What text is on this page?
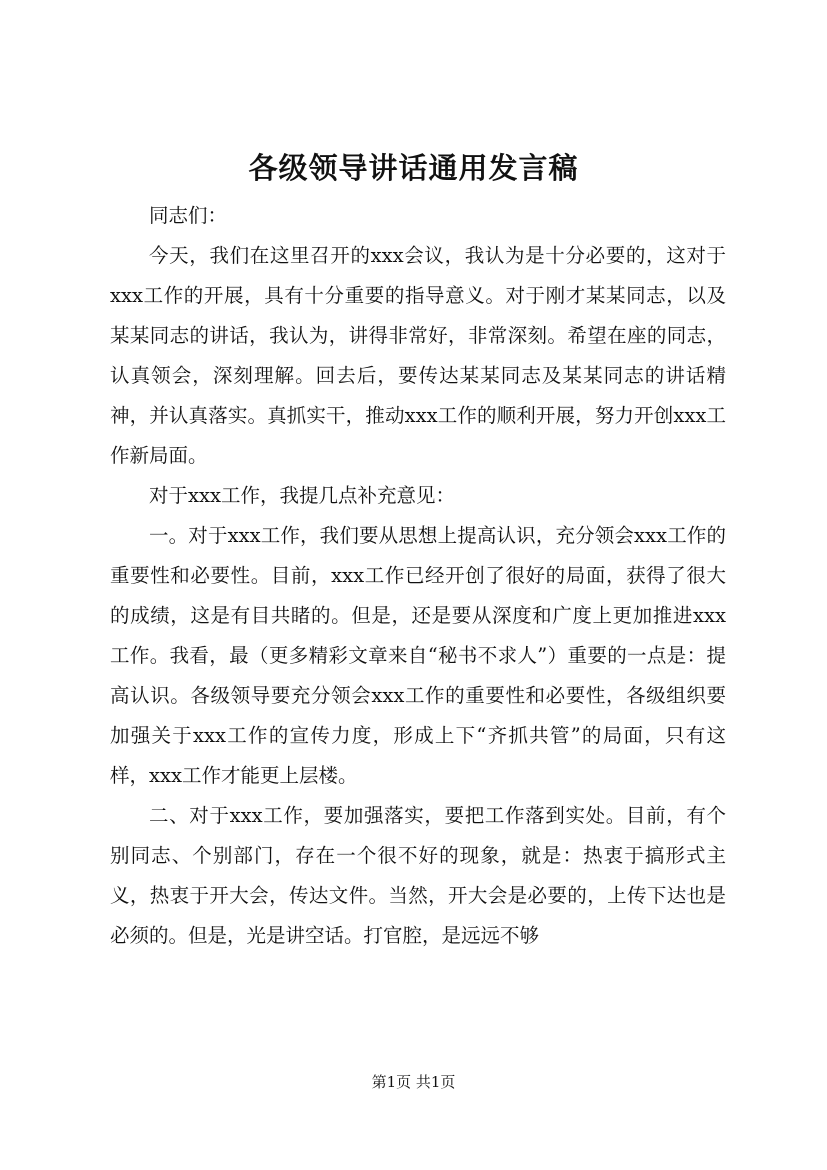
各级领导讲话通用发言稿

同志们：

今天，我们在这里召开的xxx会议，我认为是十分必要的，这对于xxx工作的开展，具有十分重要的指导意义。对于刚才某某同志，以及某某同志的讲话，我认为，讲得非常好，非常深刻。希望在座的同志，认真领会，深刻理解。回去后，要传达某某同志及某某同志的讲话精神，并认真落实。真抓实干，推动xxx工作的顺利开展，努力开创xxx工作新局面。

对于xxx工作，我提几点补充意见：

一。对于xxx工作，我们要从思想上提高认识，充分领会xxx工作的重要性和必要性。目前，xxx工作已经开创了很好的局面，获得了很大的成绩，这是有目共睹的。但是，还是要从深度和广度上更加推进xxx工作。我看，最（更多精彩文章来自“秘书不求人”）重要的一点是：提高认识。各级领导要充分领会xxx工作的重要性和必要性，各级组织要加强关于xxx工作的宣传力度，形成上下“齐抓共管”的局面，只有这样，xxx工作才能更上层楼。

二、对于xxx工作，要加强落实，要把工作落到实处。目前，有个别同志、个别部门，存在一个很不好的现象，就是：热衷于搞形式主义，热衷于开大会，传达文件。当然，开大会是必要的，上传下达也是必须的。但是，光是讲空话。打官腔，是远远不够

第1页 共1页
